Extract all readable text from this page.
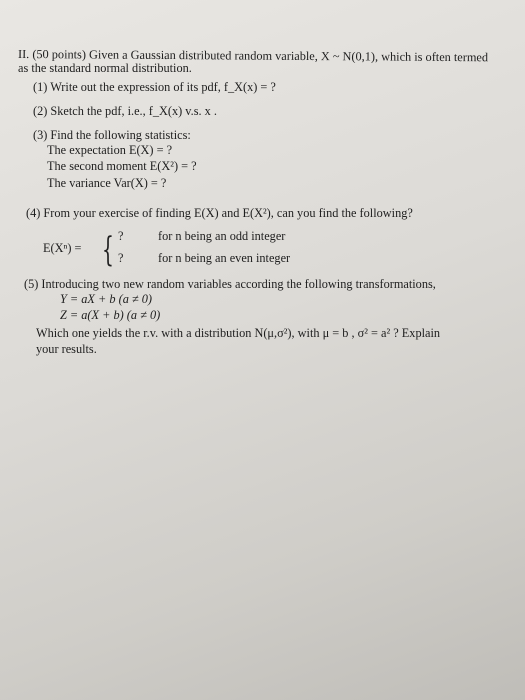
II. (50 points) Given a Gaussian distributed random variable, X ~ N(0,1), which is often termed
as the standard normal distribution.
(1) Write out the expression of its pdf, f_X(x) = ?
(2) Sketch the pdf, i.e., f_X(x) v.s. x .
(3) Find the following statistics:
The expectation E(X) = ?
The second moment E(X²) = ?
The variance Var(X) = ?
(4) From your exercise of finding E(X) and E(X²), can you find the following?
E(Xⁿ) = { ?	for n being an odd integer
?	for n being an even integer
(5) Introducing two new random variables according the following transformations,
Y = aX + b (a ≠ 0)
Z = a(X + b) (a ≠ 0)
Which one yields the r.v. with a distribution N(μ,σ²), with μ = b , σ² = a² ? Explain
your results.
